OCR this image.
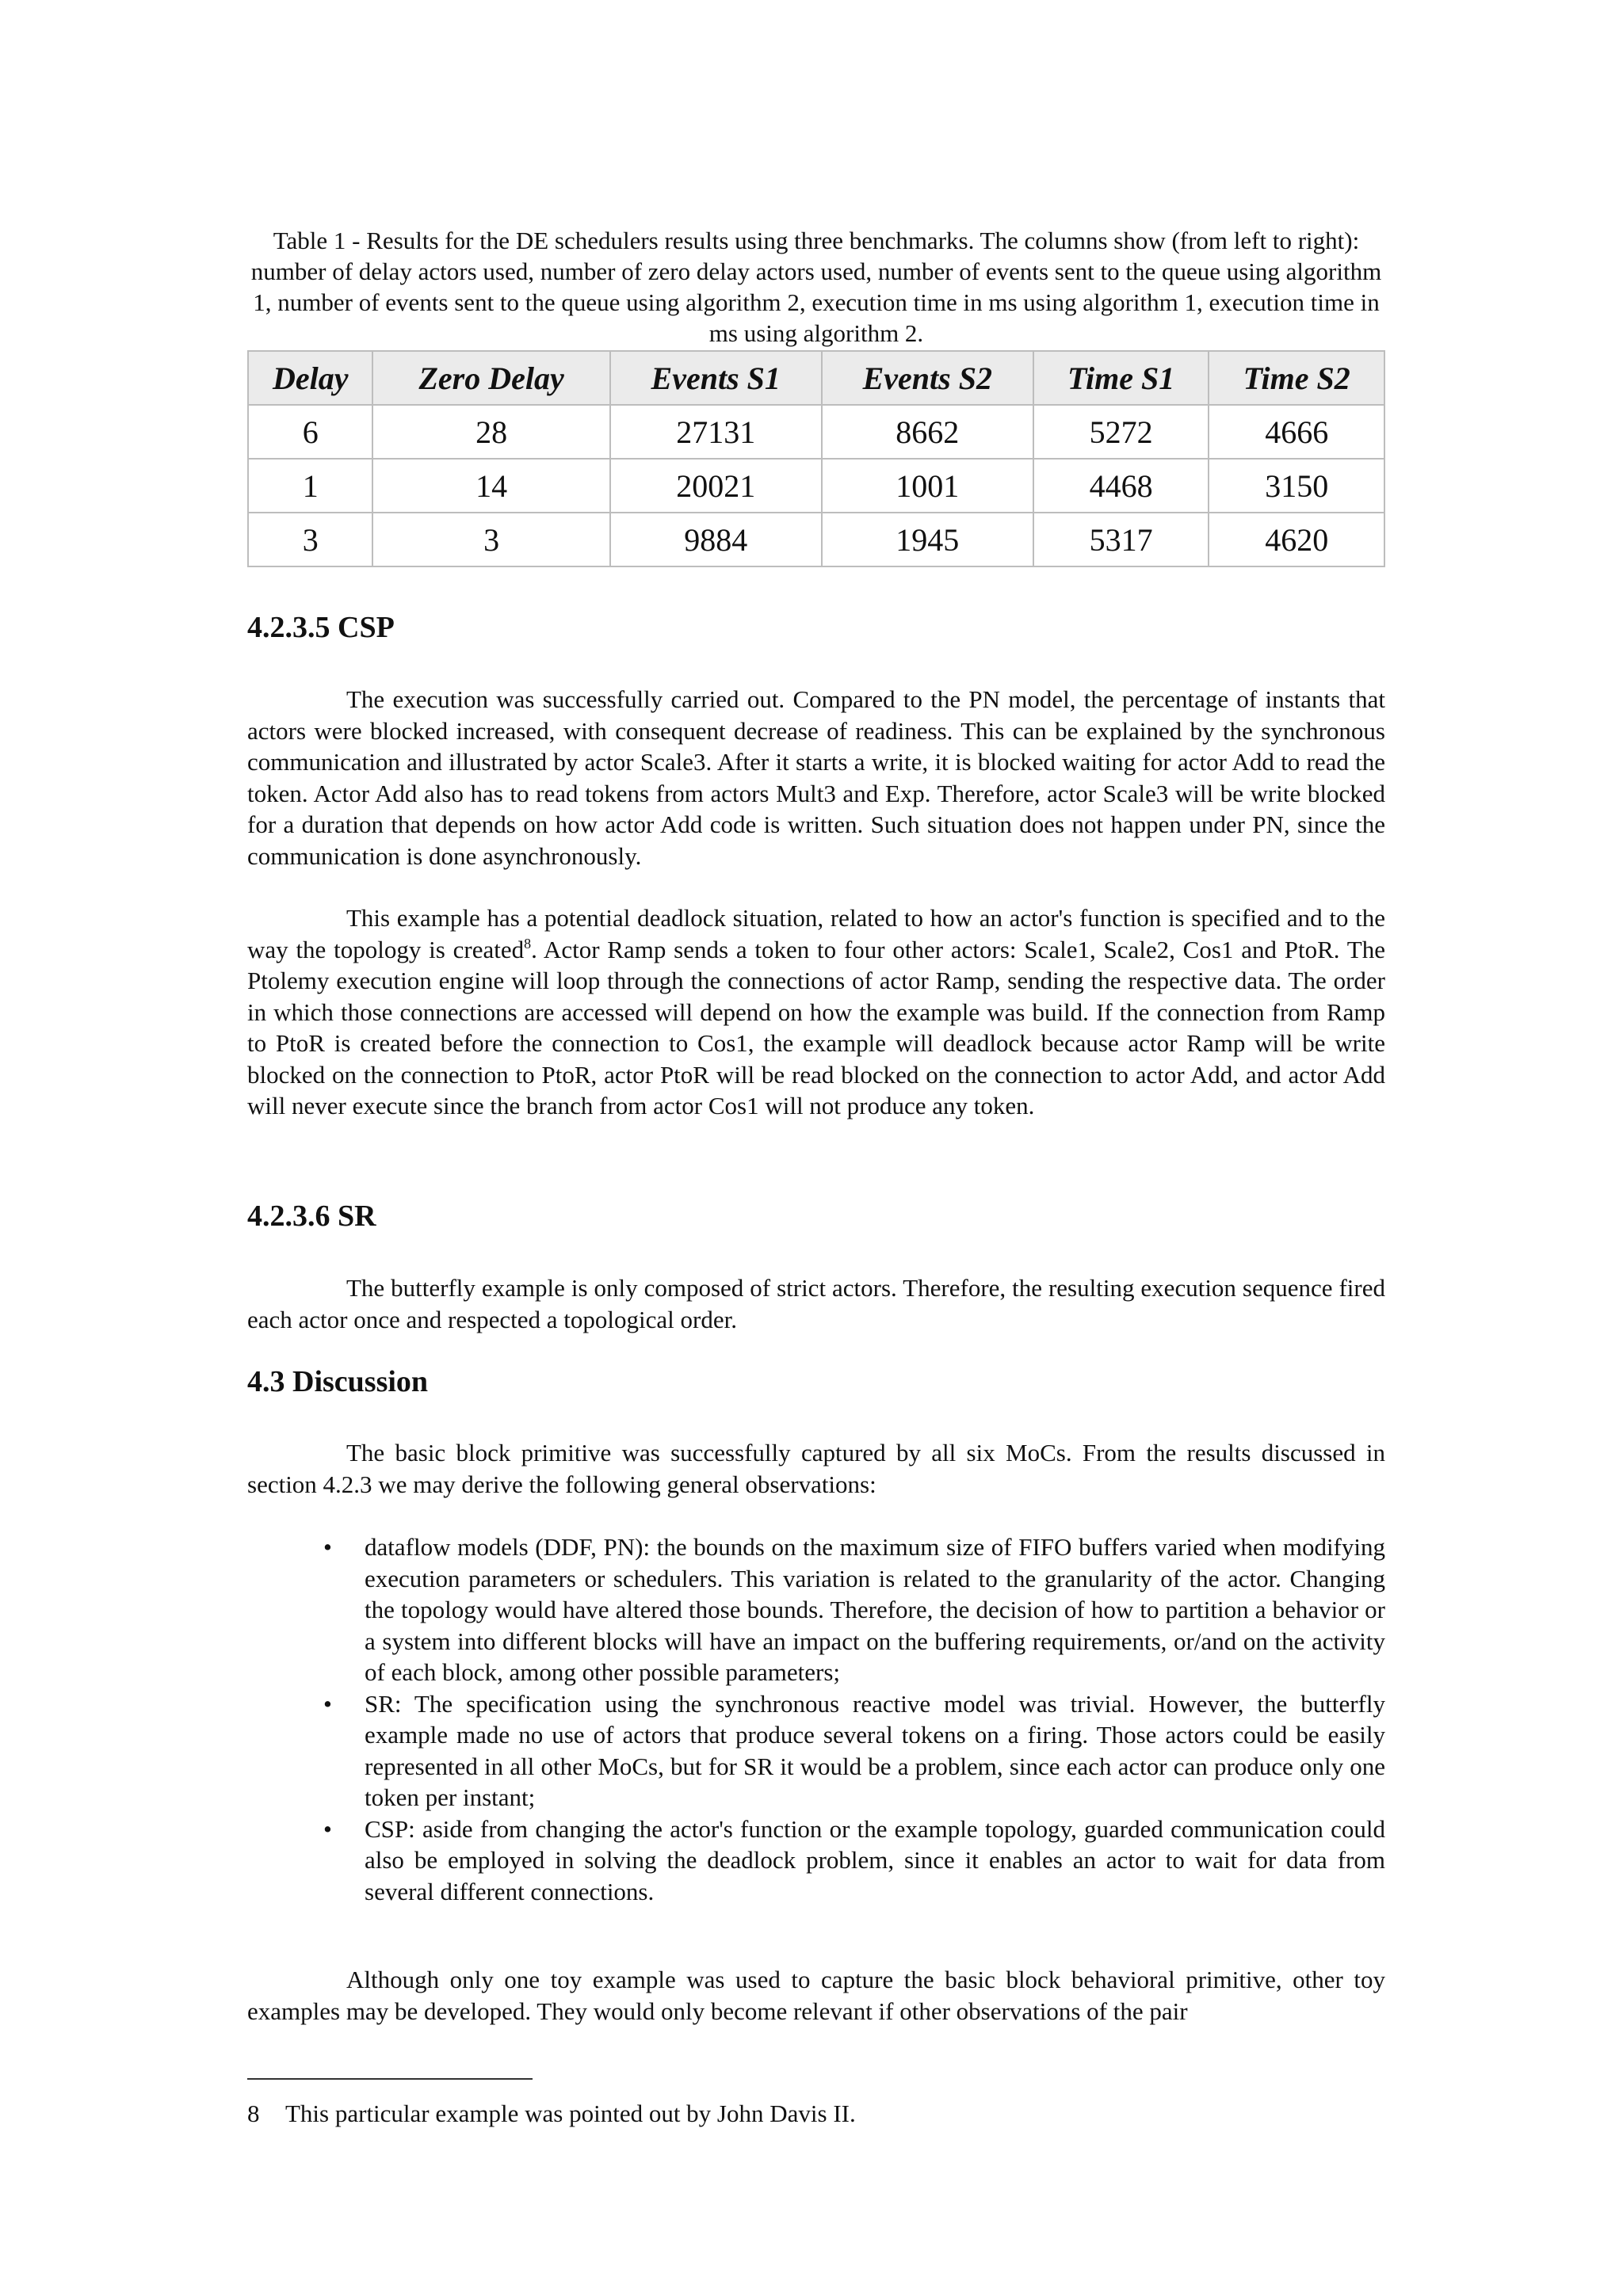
Table 1 - Results for the DE schedulers results using three benchmarks. The columns show (from left to right): number of delay actors used, number of zero delay actors used, number of events sent to the queue using algorithm 1, number of events sent to the queue using algorithm 2, execution time in ms using algorithm 1, execution time in ms using algorithm 2.
Delay	Zero Delay	Events S1	Events S2	Time S1	Time S2
6	28	27131	8662	5272	4666
1	14	20021	1001	4468	3150
3	3	9884	1945	5317	4620
4.2.3.5 CSP

The execution was successfully carried out. Compared to the PN model, the percentage of instants that actors were blocked increased, with consequent decrease of readiness. This can be explained by the synchronous communication and illustrated by actor Scale3. After it starts a write, it is blocked waiting for actor Add to read the token. Actor Add also has to read tokens from actors Mult3 and Exp. Therefore, actor Scale3 will be write blocked for a duration that depends on how actor Add code is written. Such situation does not happen under PN, since the communication is done asynchronously.

This example has a potential deadlock situation, related to how an actor's function is specified and to the way the topology is created$^8$. Actor Ramp sends a token to four other actors: Scale1, Scale2, Cos1 and PtoR. The Ptolemy execution engine will loop through the connections of actor Ramp, sending the respective data. The order in which those connections are accessed will depend on how the example was build. If the connection from Ramp to PtoR is created before the connection to Cos1, the example will deadlock because actor Ramp will be write blocked on the connection to PtoR, actor PtoR will be read blocked on the connection to actor Add, and actor Add will never execute since the branch from actor Cos1 will not produce any token.

4.2.3.6 SR

The butterfly example is only composed of strict actors. Therefore, the resulting execution sequence fired each actor once and respected a topological order.

4.3 Discussion

The basic block primitive was successfully captured by all six MoCs. From the results discussed in section 4.2.3 we may derive the following general observations:

• dataflow models (DDF, PN): the bounds on the maximum size of FIFO buffers varied when modifying execution parameters or schedulers. This variation is related to the granularity of the actor. Changing the topology would have altered those bounds. Therefore, the decision of how to partition a behavior or a system into different blocks will have an impact on the buffering requirements, or/and on the activity of each block, among other possible parameters;
• SR: The specification using the synchronous reactive model was trivial. However, the butterfly example made no use of actors that produce several tokens on a firing. Those actors could be easily represented in all other MoCs, but for SR it would be a problem, since each actor can produce only one token per instant;
• CSP: aside from changing the actor's function or the example topology, guarded communication could also be employed in solving the deadlock problem, since it enables an actor to wait for data from several different connections.

Although only one toy example was used to capture the basic block behavioral primitive, other toy examples may be developed. They would only become relevant if other observations of the pair

8 This particular example was pointed out by John Davis II.
